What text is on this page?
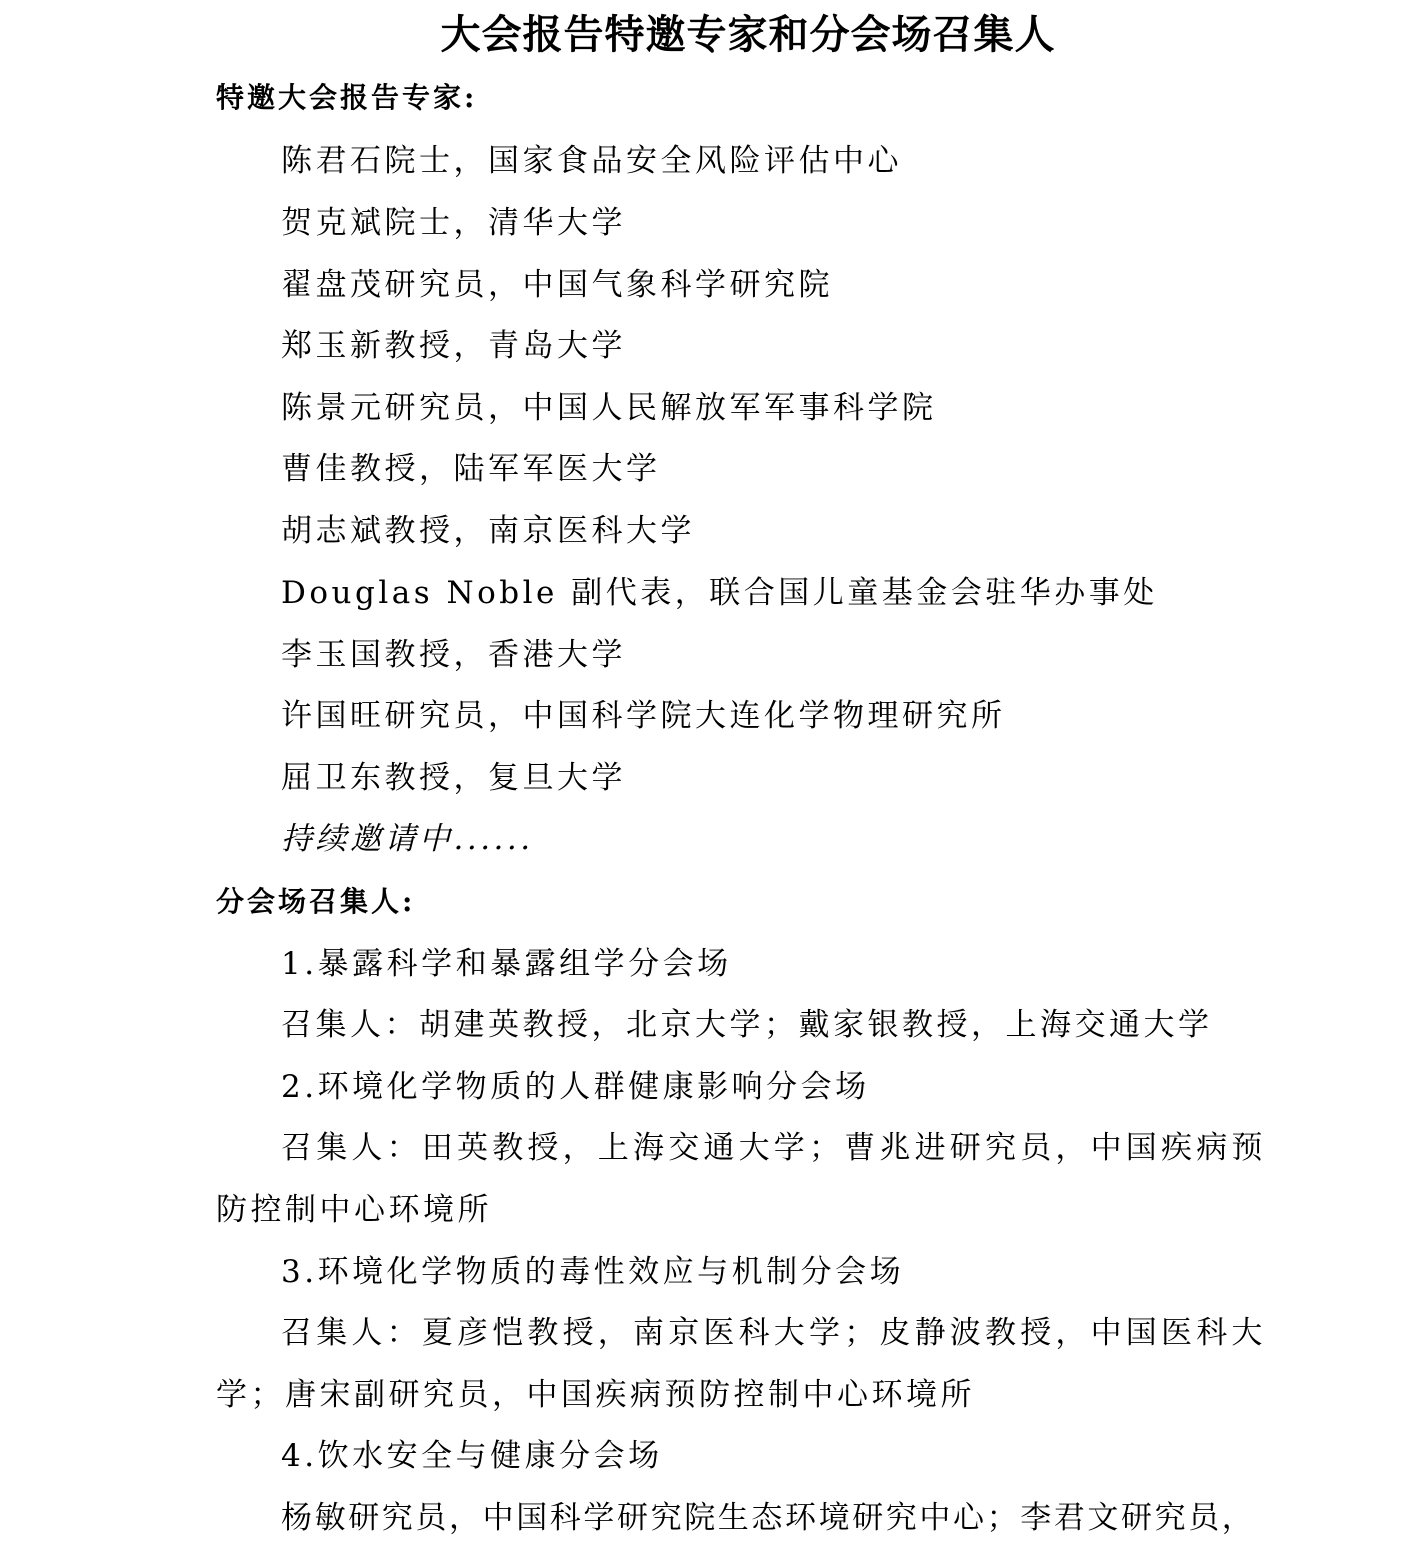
大会报告特邀专家和分会场召集人
特邀大会报告专家:
陈君石院士，国家食品安全风险评估中心
贺克斌院士，清华大学
翟盘茂研究员，中国气象科学研究院
郑玉新教授，青岛大学
陈景元研究员，中国人民解放军军事科学院
曹佳教授，陆军军医大学
胡志斌教授，南京医科大学
Douglas Noble 副代表，联合国儿童基金会驻华办事处
李玉国教授，香港大学
许国旺研究员，中国科学院大连化学物理研究所
屈卫东教授，复旦大学
持续邀请中......
分会场召集人:
1.暴露科学和暴露组学分会场
召集人：胡建英教授，北京大学；戴家银教授，上海交通大学
2.环境化学物质的人群健康影响分会场
召集人：田英教授，上海交通大学；曹兆进研究员，中国疾病预
防控制中心环境所
3.环境化学物质的毒性效应与机制分会场
召集人：夏彦恺教授，南京医科大学；皮静波教授，中国医科大
学；唐宋副研究员，中国疾病预防控制中心环境所
4.饮水安全与健康分会场
杨敏研究员，中国科学研究院生态环境研究中心；李君文研究员，
